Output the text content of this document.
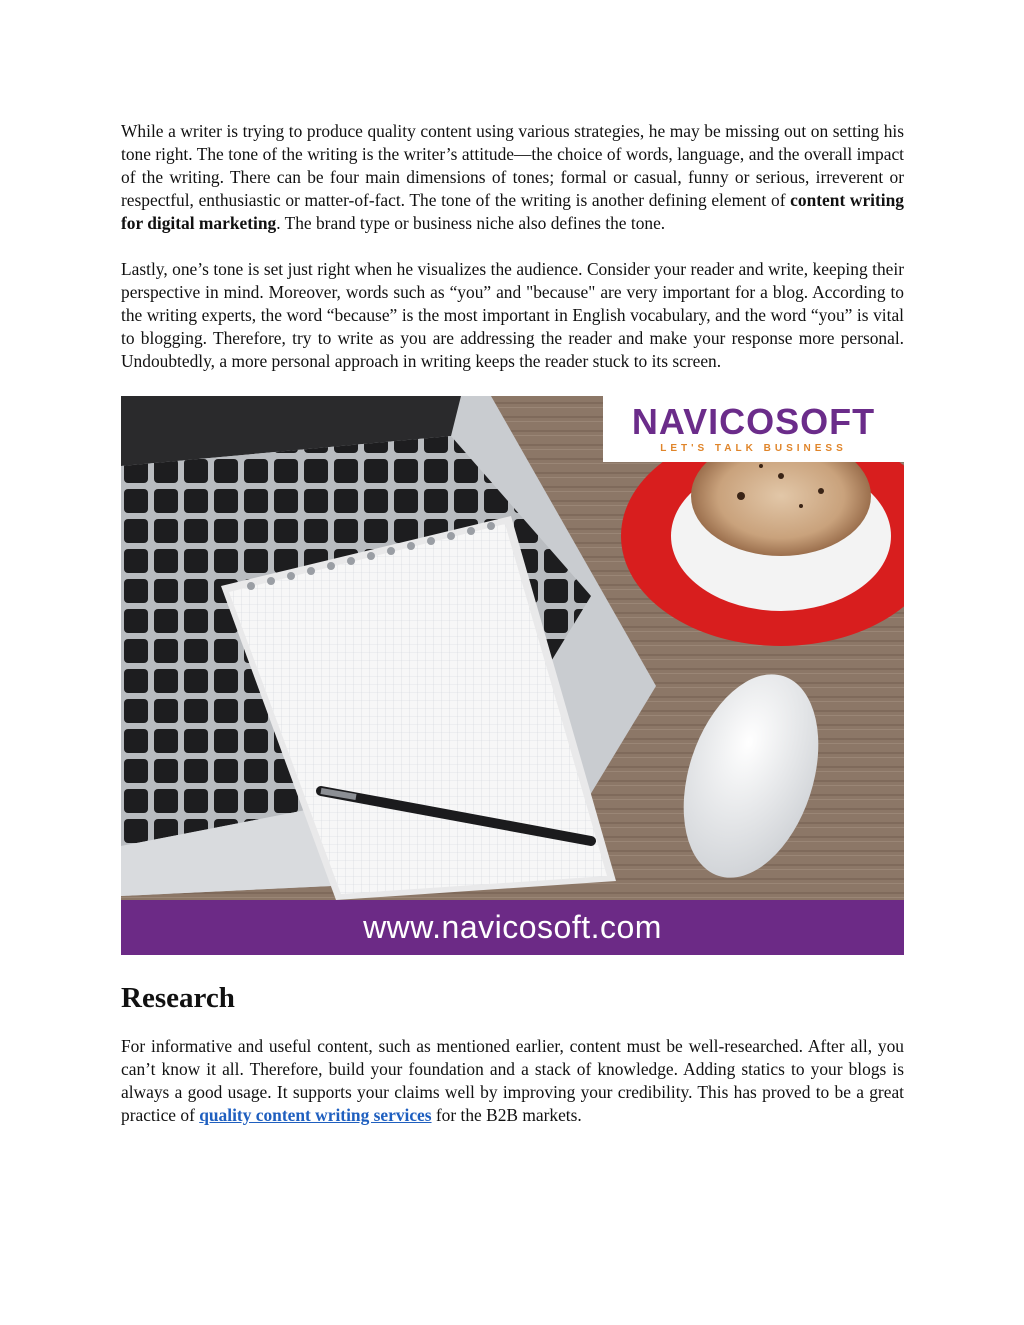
While a writer is trying to produce quality content using various strategies, he may be missing out on setting his tone right. The tone of the writing is the writer’s attitude—the choice of words, language, and the overall impact of the writing. There can be four main dimensions of tones; formal or casual, funny or serious, irreverent or respectful, enthusiastic or matter-of-fact. The tone of the writing is another defining element of content writing for digital marketing. The brand type or business niche also defines the tone.

Lastly, one’s tone is set just right when he visualizes the audience. Consider your reader and write, keeping their perspective in mind. Moreover, words such as “you” and "because" are very important for a blog. According to the writing experts, the word “because” is the most important in English vocabulary, and the word “you” is vital to blogging. Therefore, try to write as you are addressing the reader and make your response more personal. Undoubtedly, a more personal approach in writing keeps the reader stuck to its screen.

NAVICOSOFT
LET'S TALK BUSINESS
www.navicosoft.com
Research

For informative and useful content, such as mentioned earlier, content must be well-researched. After all, you can’t know it all. Therefore, build your foundation and a stack of knowledge. Adding statics to your blogs is always a good usage. It supports your claims well by improving your credibility. This has proved to be a great practice of quality content writing services for the B2B markets.
